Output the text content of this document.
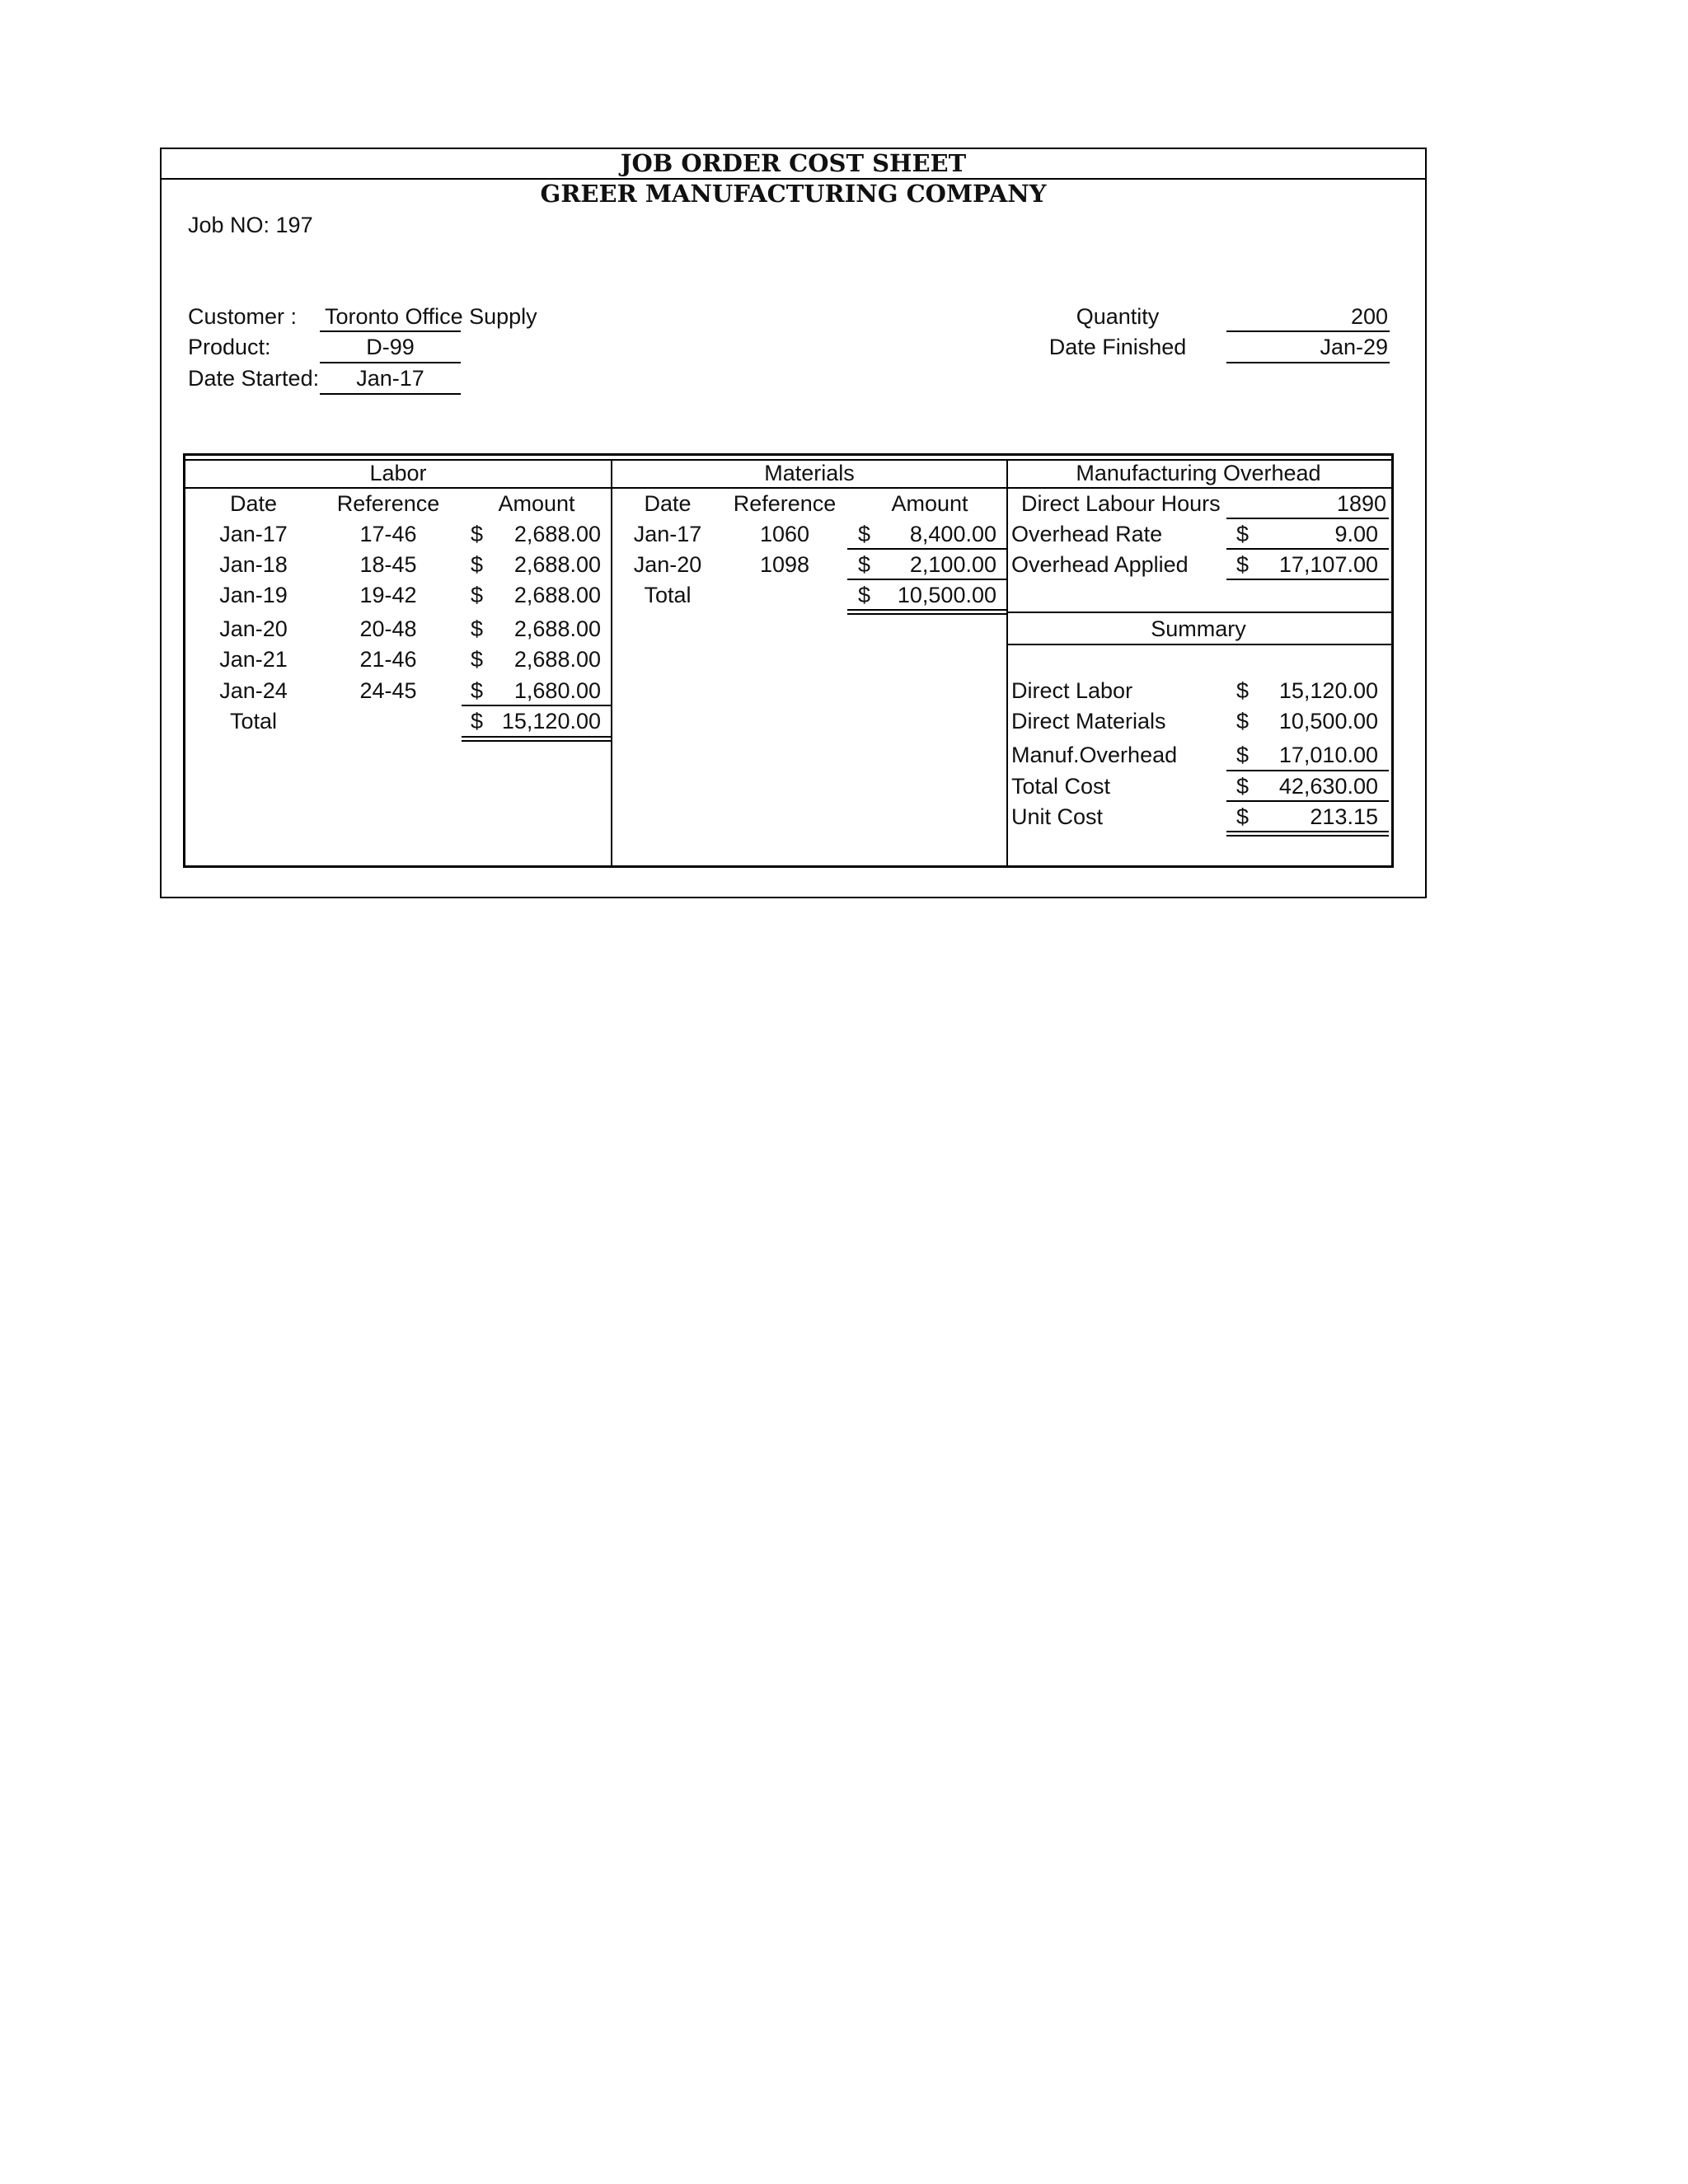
JOB ORDER COST SHEET
GREER MANUFACTURING COMPANY
Job NO: 197
Customer : Toronto Office Supply
Product:	D-99
Date Started:	Jan-17
Quantity	200
Date Finished	Jan-29
Labor	Materials	Manufacturing Overhead
Date	Reference	Amount
Jan-17	17-46	$	2,688.00
Jan-18	18-45	$	2,688.00
Jan-19	19-42	$	2,688.00
Jan-20	20-48	$	2,688.00
Jan-21	21-46	$	2,688.00
Jan-24	24-45	$	1,680.00
Total	$ 15,120.00
Date	Reference	Amount
Jan-17	1060	$	8,400.00
Jan-20	1098	$	2,100.00
Total	$	10,500.00
Direct Labour Hours	1890
Overhead Rate	$	9.00
Overhead Applied $	17,107.00
Summary
Direct Labor	$	15,120.00
Direct Materials	$	10,500.00
Manuf.Overhead	$	17,010.00
Total Cost	$	42,630.00
Unit Cost	$	213.15
